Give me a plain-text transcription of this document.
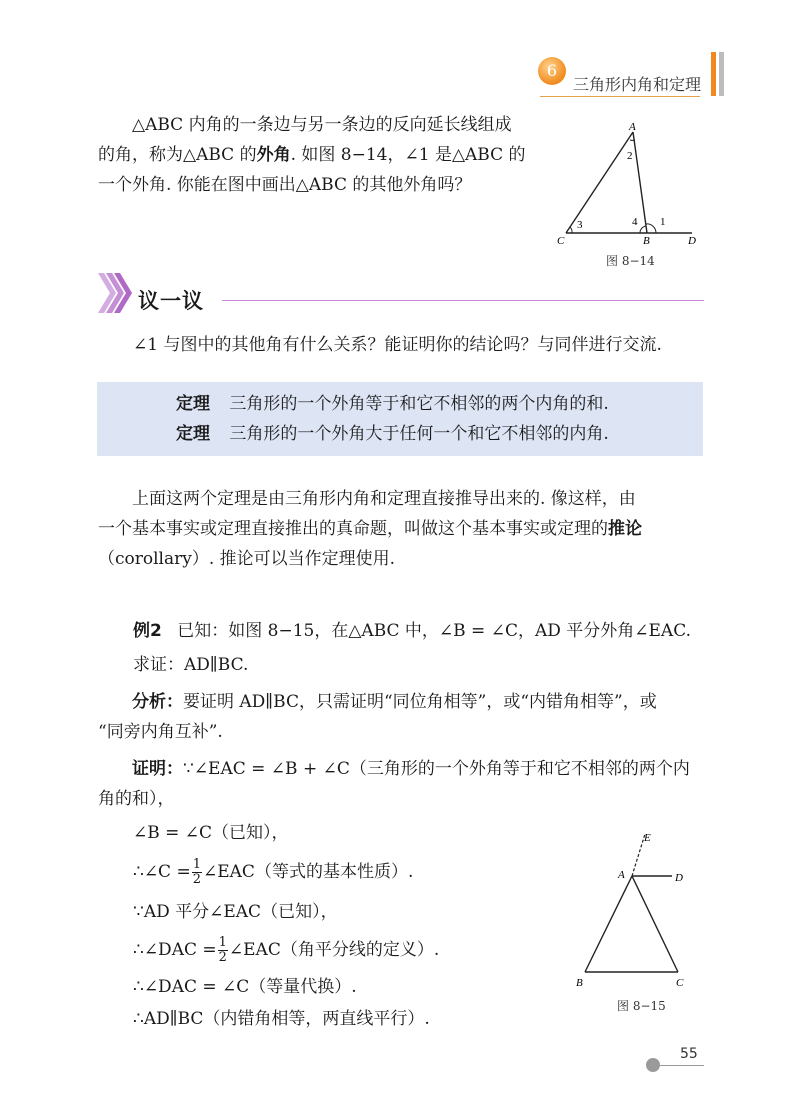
6
三角形内角和定理
△ABC 内角的一条边与另一条边的反向延长线组成
的角，称为△ABC 的外角. 如图 8−14，∠1 是△ABC 的
一个外角. 你能在图中画出△ABC 的其他外角吗？
A
2
3	4 1
C	B	D
图 8−14
议一议
∠1 与图中的其他角有什么关系？能证明你的结论吗？与同伴进行交流.
定理 三角形的一个外角等于和它不相邻的两个内角的和.
定理 三角形的一个外角大于任何一个和它不相邻的内角.
上面这两个定理是由三角形内角和定理直接推导出来的. 像这样，由
一个基本事实或定理直接推出的真命题，叫做这个基本事实或定理的推论
（corollary）. 推论可以当作定理使用.
例2 已知：如图 8−15，在△ABC 中，∠B = ∠C，AD 平分外角∠EAC.
求证：AD∥BC.
分析：要证明 AD∥BC，只需证明“同位角相等”，或“内错角相等”，或
“同旁内角互补”.
证明：∵∠EAC = ∠B + ∠C（三角形的一个外角等于和它不相邻的两个内
角的和），
∠B = ∠C（已知），
∴∠C = $\frac{1}{2}$ ∠EAC（等式的基本性质）.
∵AD 平分∠EAC（已知），
∴∠DAC = $\frac{1}{2}$ ∠EAC（角平分线的定义）.
∴∠DAC = ∠C（等量代换）.
∴AD∥BC（内错角相等，两直线平行）.
E
A	D
B	C
图 8−15
55
